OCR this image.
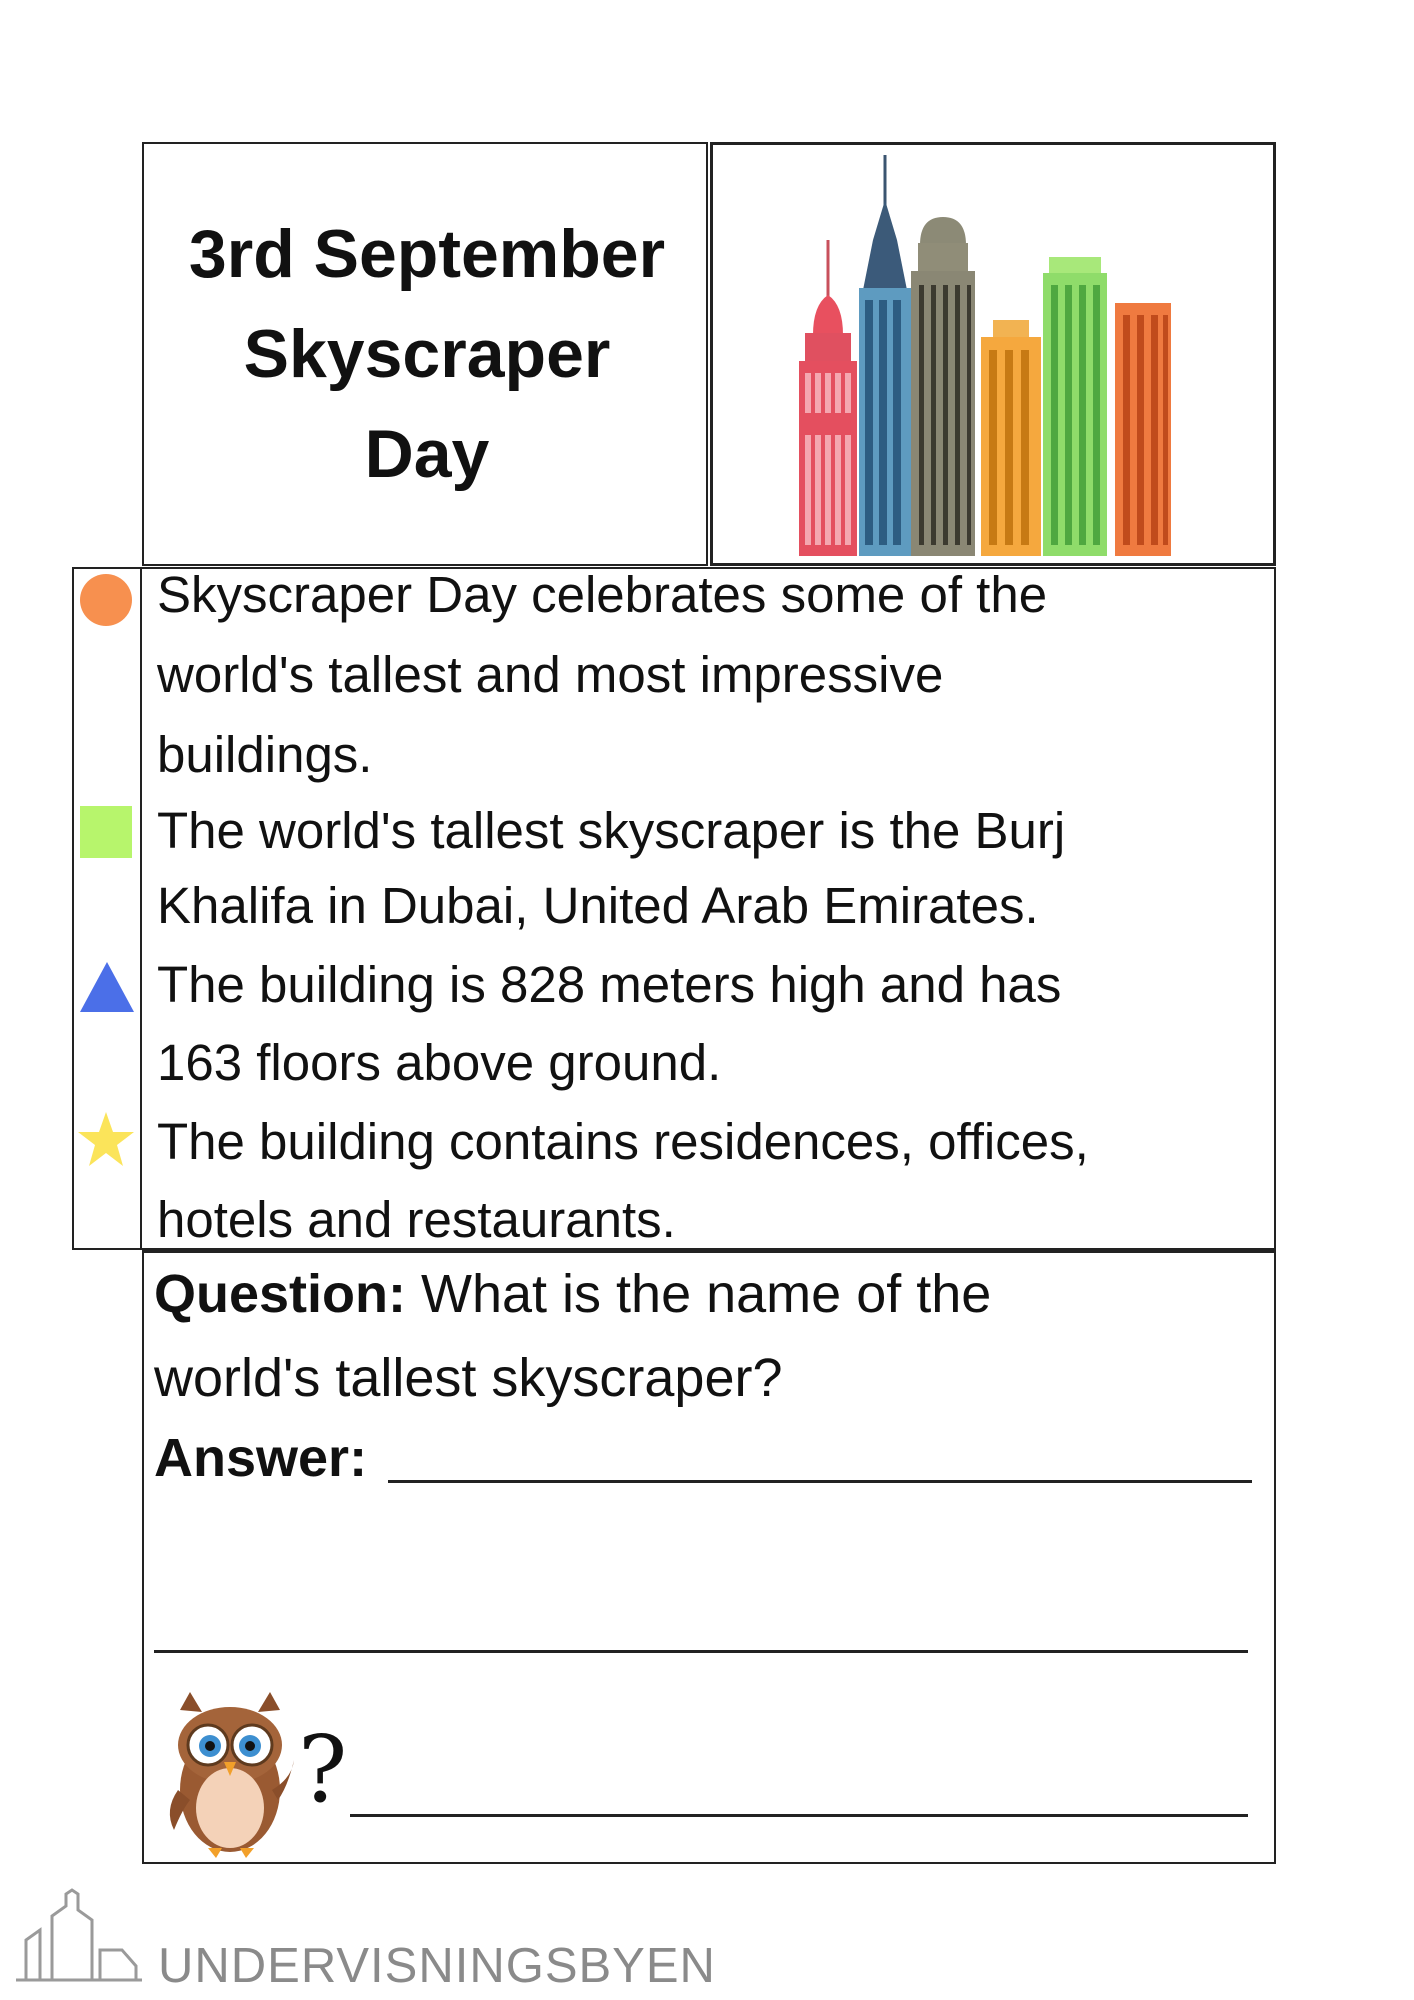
3rd September
Skyscraper
Day
Skyscraper Day celebrates some of the
world's tallest and most impressive
buildings.
The world's tallest skyscraper is the Burj
Khalifa in Dubai, United Arab Emirates.
The building is 828 meters high and has
163 floors above ground.
The building contains residences, offices,
hotels and restaurants.
Question: What is the name of the
world's tallest skyscraper?
Answer:
?
UNDERVISNINGSBYEN
